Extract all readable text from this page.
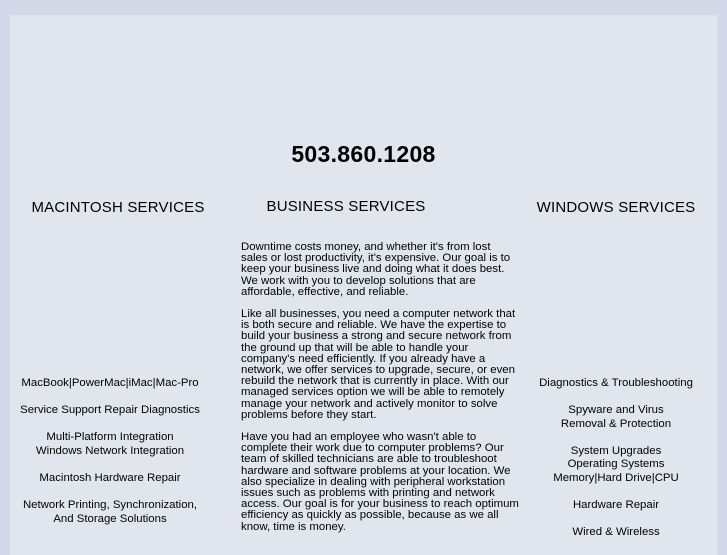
503.860.1208
MACINTOSH SERVICES	BUSINESS SERVICES	WINDOWS SERVICES
MacBook|PowerMac|iMac|Mac-Pro
Service Support Repair Diagnostics
Multi-Platform Integration
Windows Network Integration
Macintosh Hardware Repair
Network Printing, Synchronization,
And Storage Solutions

Downtime costs money, and whether it's from lost sales or lost productivity, it's expensive. Our goal is to keep your business live and doing what it does best. We work with you to develop solutions that are affordable, effective, and reliable.

Like all businesses, you need a computer network that is both secure and reliable. We have the expertise to build your business a strong and secure network from the ground up that will be able to handle your company's need efficiently. If you already have a network, we offer services to upgrade, secure, or even rebuild the network that is currently in place. With our managed services option we will be able to remotely manage your network and actively monitor to solve problems before they start.

Have you had an employee who wasn't able to complete their work due to computer problems? Our team of skilled technicians are able to troubleshoot hardware and software problems at your location. We also specialize in dealing with peripheral workstation issues such as problems with printing and network access. Our goal is for your business to reach optimum efficiency as quickly as possible, because as we all know, time is money.

Diagnostics & Troubleshooting
Spyware and Virus
Removal & Protection
System Upgrades
Operating Systems
Memory|Hard Drive|CPU
Hardware Repair
Wired & Wireless
